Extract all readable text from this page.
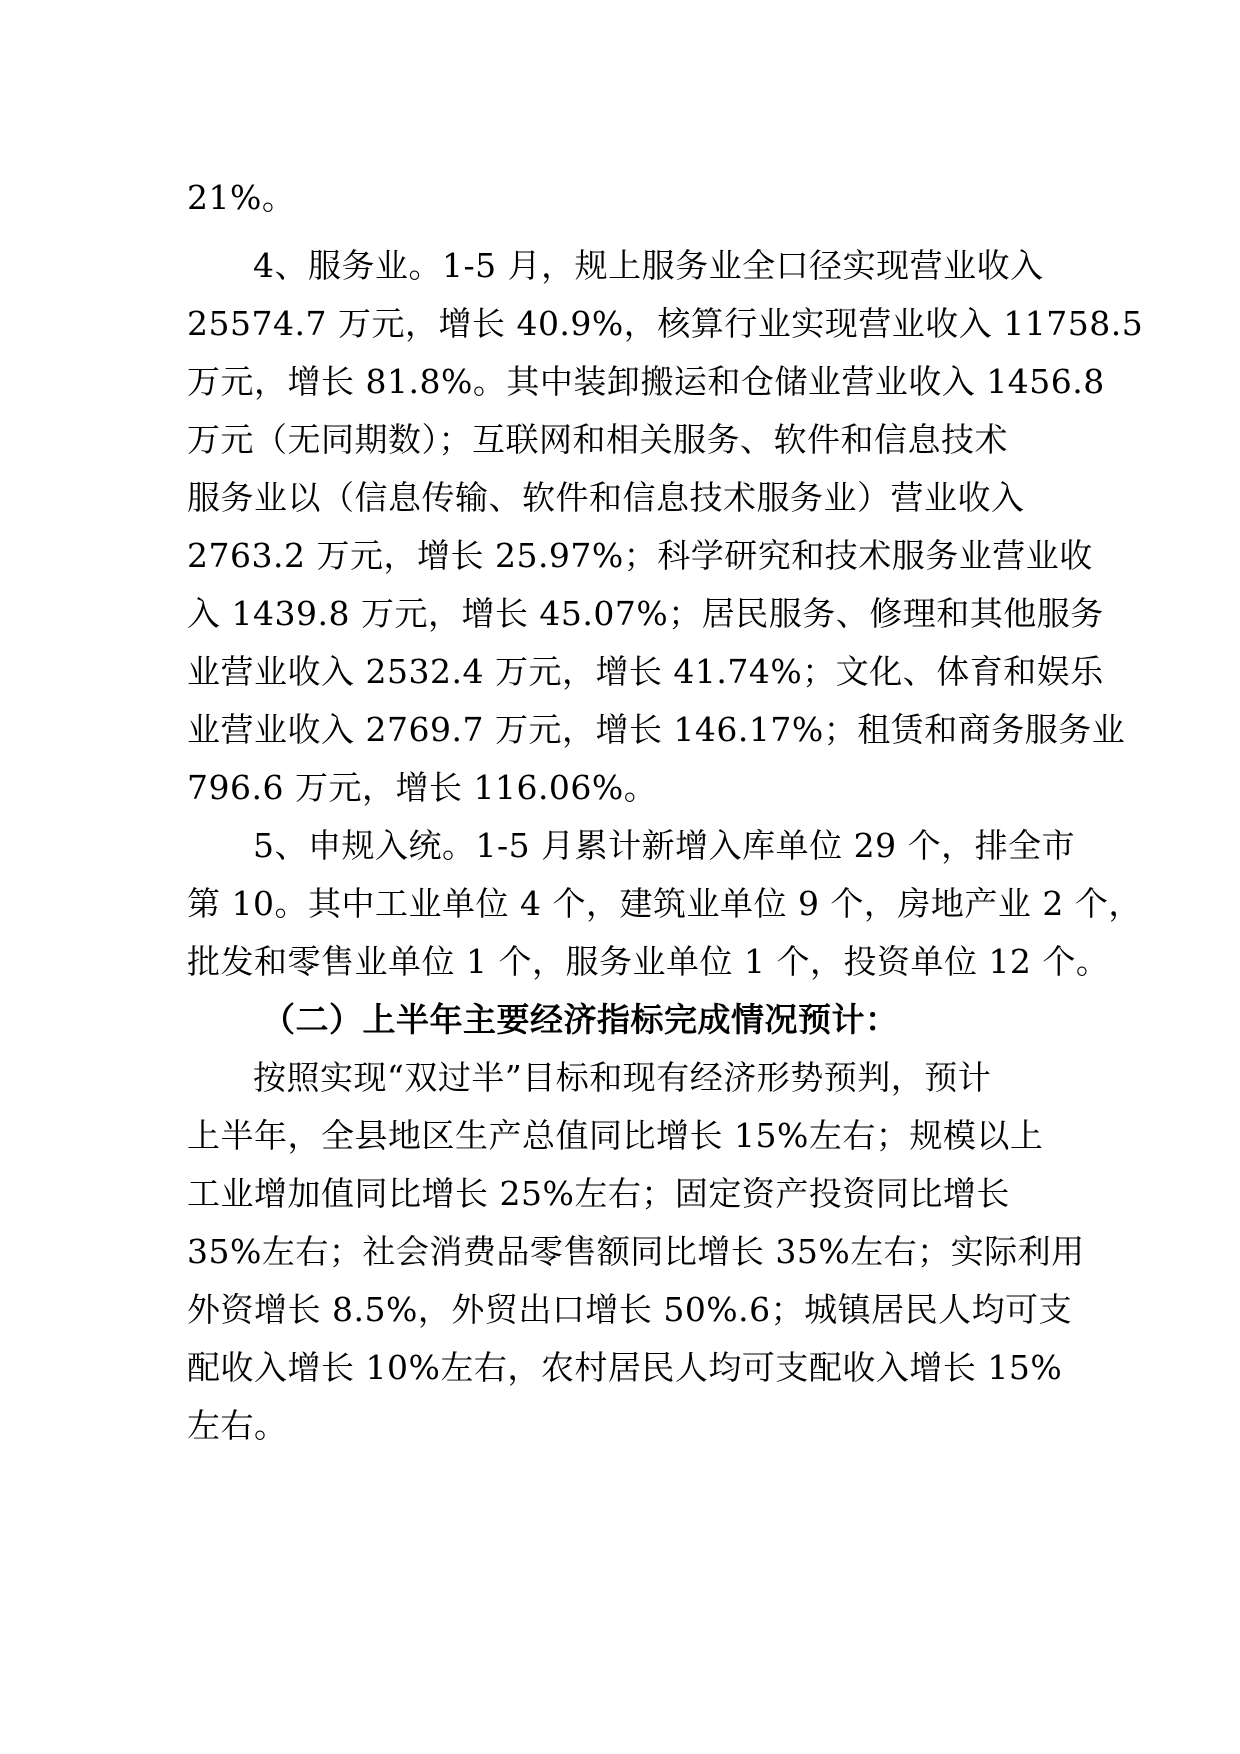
21%。
4、服务业。1-5 月，规上服务业全口径实现营业收入
25574.7 万元，增长 40.9%，核算行业实现营业收入 11758.5
万元，增长 81.8%。其中装卸搬运和仓储业营业收入 1456.8
万元（无同期数）；互联网和相关服务、软件和信息技术
服务业以（信息传输、软件和信息技术服务业）营业收入
2763.2 万元，增长 25.97%；科学研究和技术服务业营业收
入 1439.8 万元，增长 45.07%；居民服务、修理和其他服务
业营业收入 2532.4 万元，增长 41.74%；文化、体育和娱乐
业营业收入 2769.7 万元，增长 146.17%；租赁和商务服务业
796.6 万元，增长 116.06%。
5、申规入统。1-5 月累计新增入库单位 29 个，排全市
第 10。其中工业单位 4 个，建筑业单位 9 个，房地产业 2 个，
批发和零售业单位 1 个，服务业单位 1 个，投资单位 12 个。
（二）上半年主要经济指标完成情况预计：
按照实现“双过半”目标和现有经济形势预判，预计
上半年，全县地区生产总值同比增长 15%左右；规模以上
工业增加值同比增长 25%左右；固定资产投资同比增长
35%左右；社会消费品零售额同比增长 35%左右；实际利用
外资增长 8.5%，外贸出口增长 50%.6；城镇居民人均可支
配收入增长 10%左右，农村居民人均可支配收入增长 15%
左右。
